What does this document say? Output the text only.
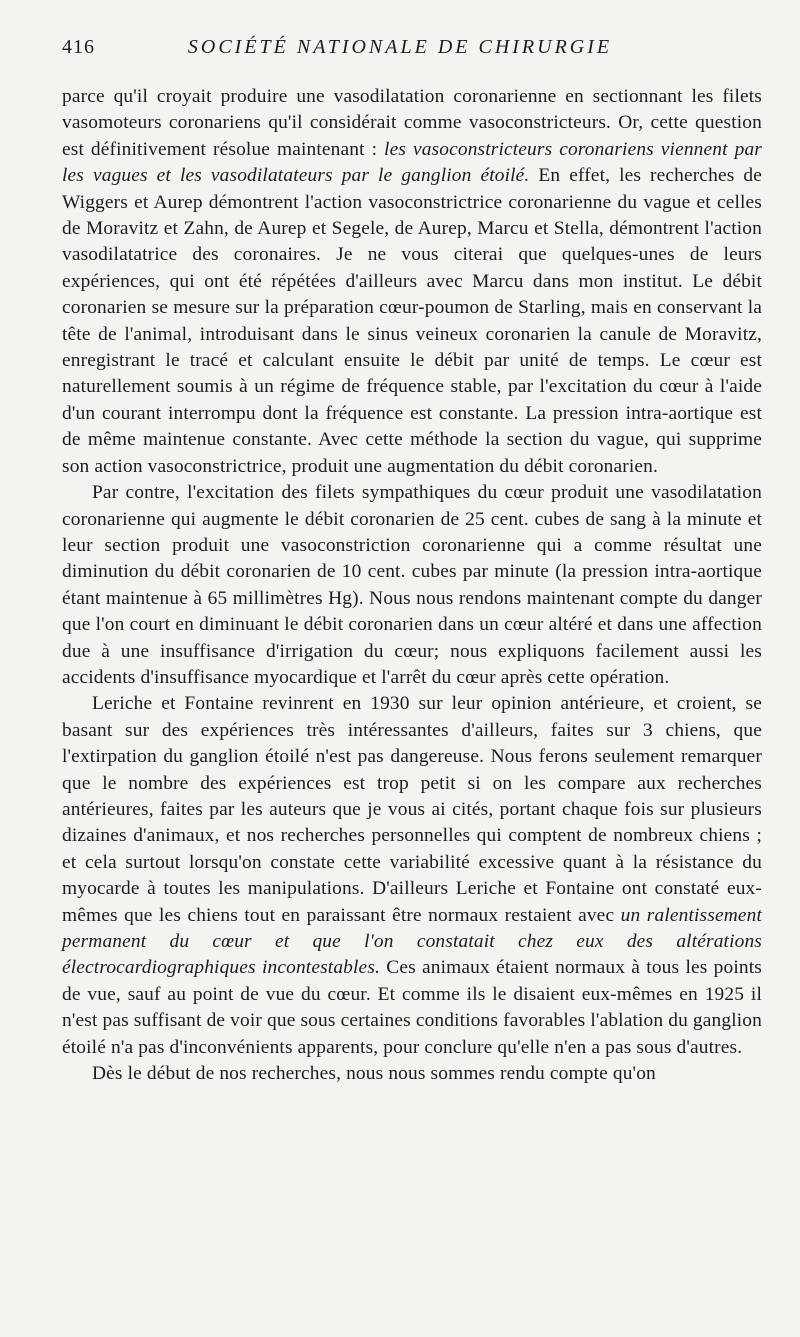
416	SOCIÉTÉ NATIONALE DE CHIRURGIE

parce qu'il croyait produire une vasodilatation coronarienne en sectionnant les filets vasomoteurs coronariens qu'il considérait comme vasoconstricteurs. Or, cette question est définitivement résolue maintenant : les vasoconstricteurs coronariens viennent par les vagues et les vasodilatateurs par le ganglion étoilé. En effet, les recherches de Wiggers et Aurep démontrent l'action vasoconstrictrice coronarienne du vague et celles de Moravitz et Zahn, de Aurep et Segele, de Aurep, Marcu et Stella, démontrent l'action vasodilatatrice des coronaires. Je ne vous citerai que quelques-unes de leurs expériences, qui ont été répétées d'ailleurs avec Marcu dans mon institut. Le débit coronarien se mesure sur la préparation cœur-poumon de Starling, mais en conservant la tête de l'animal, introduisant dans le sinus veineux coronarien la canule de Moravitz, enregistrant le tracé et calculant ensuite le débit par unité de temps. Le cœur est naturellement soumis à un régime de fréquence stable, par l'excitation du cœur à l'aide d'un courant interrompu dont la fréquence est constante. La pression intra-aortique est de même maintenue constante. Avec cette méthode la section du vague, qui supprime son action vasoconstrictrice, produit une augmentation du débit coronarien.

Par contre, l'excitation des filets sympathiques du cœur produit une vasodilatation coronarienne qui augmente le débit coronarien de 25 cent. cubes de sang à la minute et leur section produit une vasoconstriction coronarienne qui a comme résultat une diminution du débit coronarien de 10 cent. cubes par minute (la pression intra-aortique étant maintenue à 65 millimètres Hg). Nous nous rendons maintenant compte du danger que l'on court en diminuant le débit coronarien dans un cœur altéré et dans une affection due à une insuffisance d'irrigation du cœur; nous expliquons facilement aussi les accidents d'insuffisance myocardique et l'arrêt du cœur après cette opération.

Leriche et Fontaine revinrent en 1930 sur leur opinion antérieure, et croient, se basant sur des expériences très intéressantes d'ailleurs, faites sur 3 chiens, que l'extirpation du ganglion étoilé n'est pas dangereuse. Nous ferons seulement remarquer que le nombre des expériences est trop petit si on les compare aux recherches antérieures, faites par les auteurs que je vous ai cités, portant chaque fois sur plusieurs dizaines d'animaux, et nos recherches personnelles qui comptent de nombreux chiens ; et cela surtout lorsqu'on constate cette variabilité excessive quant à la résistance du myocarde à toutes les manipulations. D'ailleurs Leriche et Fontaine ont constaté eux-mêmes que les chiens tout en paraissant être normaux restaient avec un ralentissement permanent du cœur et que l'on constatait chez eux des altérations électrocardiographiques incontestables. Ces animaux étaient normaux à tous les points de vue, sauf au point de vue du cœur. Et comme ils le disaient eux-mêmes en 1925 il n'est pas suffisant de voir que sous certaines conditions favorables l'ablation du ganglion étoilé n'a pas d'inconvénients apparents, pour conclure qu'elle n'en a pas sous d'autres.

Dès le début de nos recherches, nous nous sommes rendu compte qu'on
